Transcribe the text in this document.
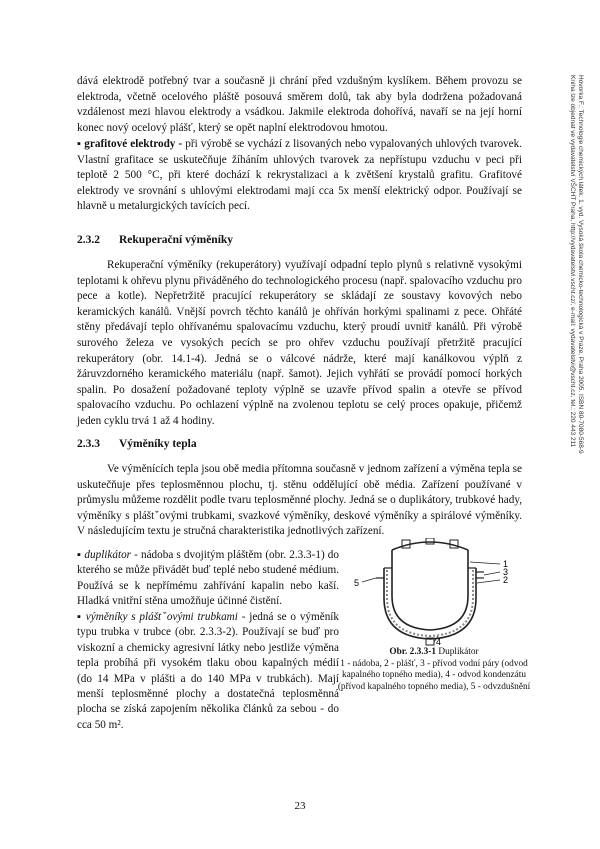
dává elektrodě potřebný tvar a současně ji chrání před vzdušným kyslíkem. Během provozu se elektroda, včetně ocelového pláště posouvá směrem dolů, tak aby byla dodržena požadovaná vzdálenost mezi hlavou elektrody a vsádkou. Jakmile elektroda dohořívá, navaří se na její horní konec nový ocelový plášť, který se opět naplní elektrodovou hmotou.

▪ grafitové elektrody - při výrobě se vychází z lisovaných nebo vypalovaných uhlových tvarovek. Vlastní grafitace se uskutečňuje žíháním uhlových tvarovek za nepřístupu vzduchu v peci při teplotě 2 500 °C, při které dochází k rekrystalizaci a k zvětšení krystalů grafitu. Grafitové elektrody ve srovnání s uhlovými elektrodami mají cca 5x menší elektrický odpor. Používají se hlavně u metalurgických tavících pecí.

2.3.2 Rekuperační výměníky

Rekuperační výměníky (rekuperátory) využívají odpadní teplo plynů s relativně vysokými teplotami k ohřevu plynu přiváděného do technologického procesu (např. spalovacího vzduchu pro pece a kotle). Nepřetržitě pracující rekuperátory se skládají ze soustavy kovových nebo keramických kanálů. Vnější povrch těchto kanálů je ohříván horkými spalinami z pece. Ohřáté stěny předávají teplo ohřívanému spalovacímu vzduchu, který proudí uvnitř kanálů. Při výrobě surového železa ve vysokých pecích se pro ohřev vzduchu používají přetržitě pracující rekuperátory (obr. 14.1-4). Jedná se o válcové nádrže, které mají kanálkovou výplň z žáruvzdorného keramického materiálu (např. šamot). Jejich vyhřátí se provádí pomocí horkých spalin. Po dosažení požadované teploty výplně se uzavře přívod spalin a otevře se přívod spalovacího vzduchu. Po ochlazení výplně na zvolenou teplotu se celý proces opakuje, přičemž jeden cyklu trvá 1 až 4 hodiny.

2.3.3 Výměníky tepla

Ve výměnících tepla jsou obě media přítomna současně v jednom zařízení a výměna tepla se uskutečňuje přes teplosměnnou plochu, tj. stěnu oddělující obě média. Zařízení používané v průmyslu můžeme rozdělit podle tvaru teplosměnné plochy. Jedná se o duplikátory, trubkové hady, výměníky s pláštˇovými trubkami, svazkové výměníky, deskové výměníky a spirálové výměníky. V následujícím textu je stručná charakteristika jednotlivých zařízení.

▪ duplikátor - nádoba s dvojitým pláštěm (obr. 2.3.3-1) do kterého se může přivádět buď teplé nebo studené médium. Používá se k nepřímému zahřívání kapalin nebo kaší. Hladká vnitřní stěna umožňuje účinné čistění.

▪ výměníky s pláštˇovými trubkami - jedná se o výměník typu trubka v trubce (obr. 2.3.3-2). Používají se buď pro viskozní a chemicky agresivní látky nebo jestliže výměna tepla probíhá při vysokém tlaku obou kapalných médií (do 14 MPa v plášti a do 140 MPa v trubkách). Mají menší teplosměnné plochy a dostatečná teplosměnná plocha se získá zapojením několika článků za sebou - do cca 50 m².

1
2
3
4
5

Obr. 2.3.3-1 Duplikátor
1 - nádoba, 2 - plášť, 3 - přívod vodní páry (odvod kapalného topného media), 4 - odvod kondenzátu (přívod kapalného topného media), 5 - odvzdušnění

23

Hovorka F.: Technologie chemických látek. 1. vyd. Vysoká škola chemicko-technologická v Praze, Praha 2005. ISBN 80-7080-568-9
Kniha lze objednat ve vydavatelství VŠCHT Praha, http://vydavatelstvi.vscht.cz/, e-mail: vydavatelstvi@vscht.cz, tel.: 220 443 211
